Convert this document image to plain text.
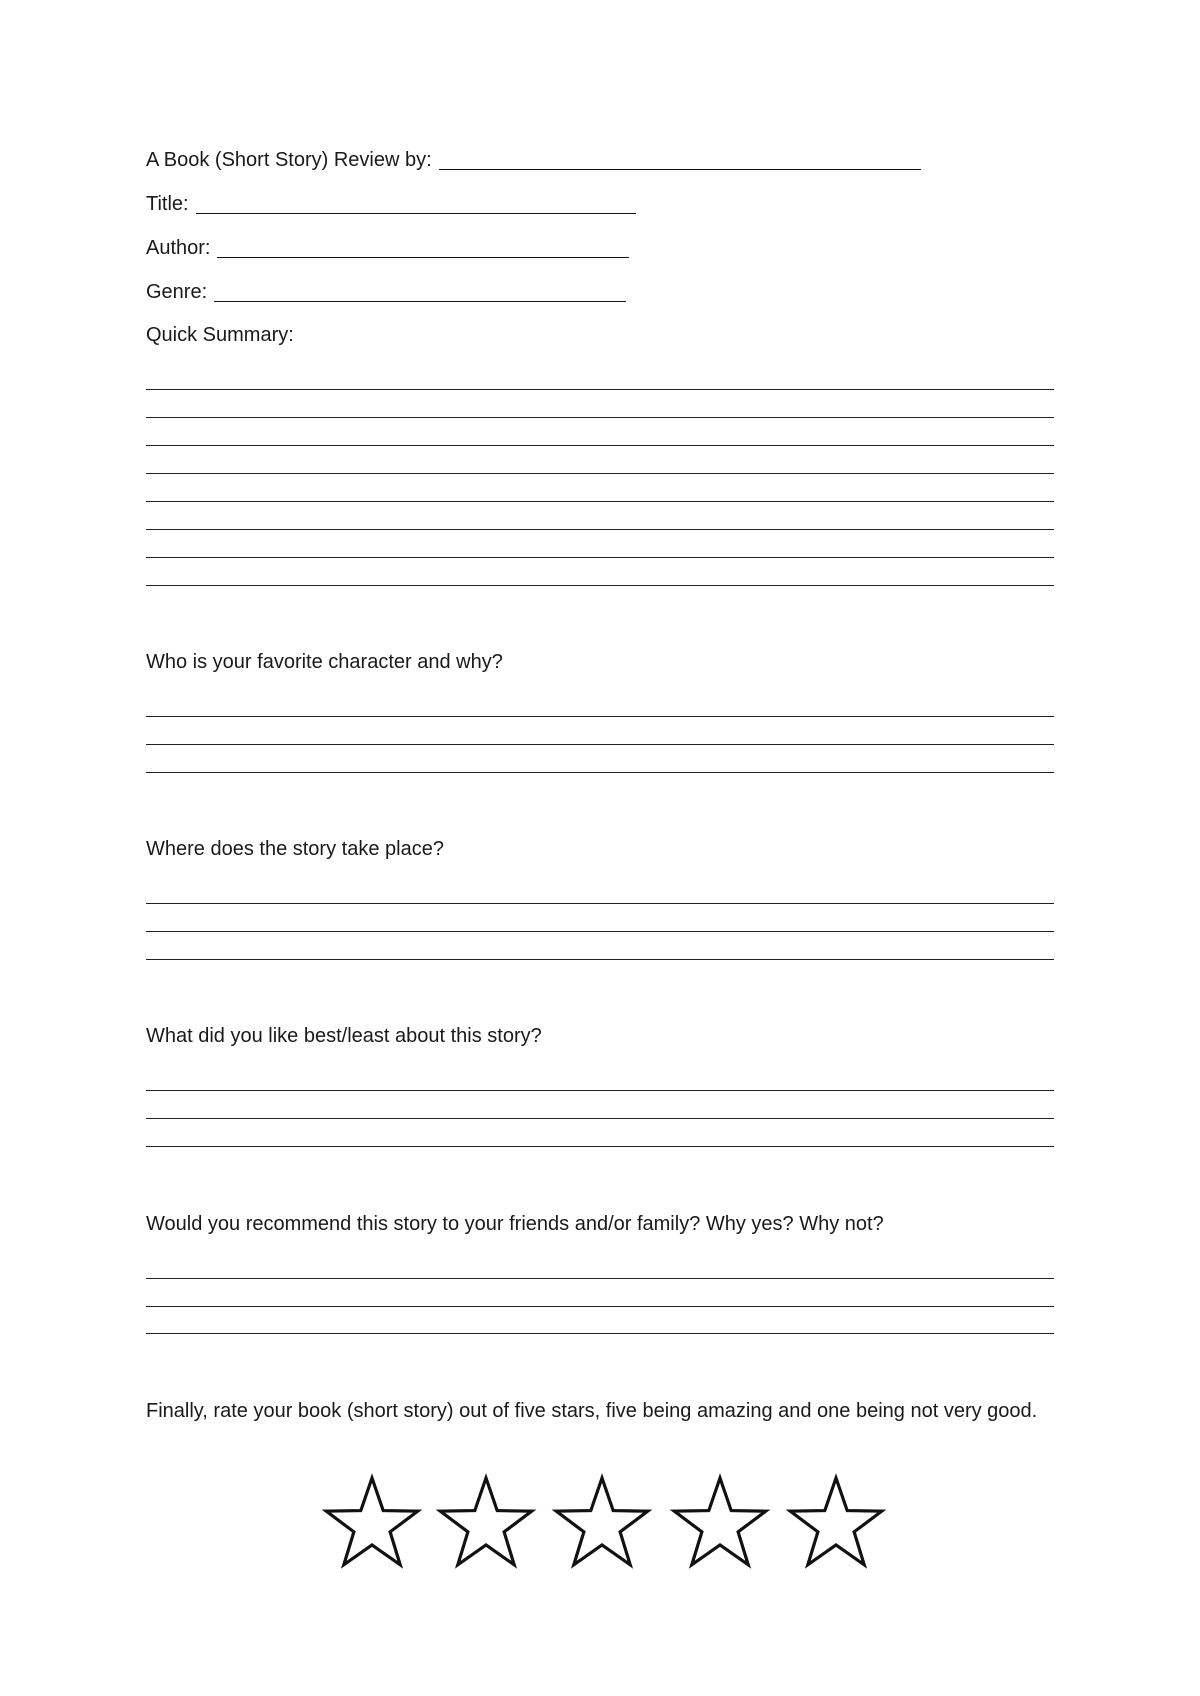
A Book (Short Story) Review by:
Title:
Author:
Genre:
Quick Summary:
Who is your favorite character and why?
Where does the story take place?
What did you like best/least about this story?
Would you recommend this story to your friends and/or family? Why yes? Why not?
Finally, rate your book (short story) out of five stars, five being amazing and one being not very good.
